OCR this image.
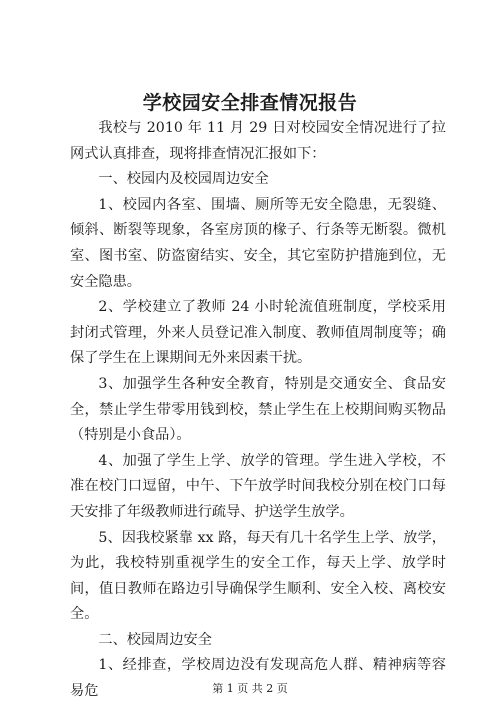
学校园安全排查情况报告

我校与 2010 年 11 月 29 日对校园安全情况进行了拉网式认真排查，现将排查情况汇报如下：

一、校园内及校园周边安全

1、校园内各室、围墙、厕所等无安全隐患，无裂缝、倾斜、断裂等现象，各室房顶的椽子、行条等无断裂。微机室、图书室、防盗窗结实、安全，其它室防护措施到位，无安全隐患。

2、学校建立了教师 24 小时轮流值班制度，学校采用封闭式管理，外来人员登记准入制度、教师值周制度等；确保了学生在上课期间无外来因素干扰。

3、加强学生各种安全教育，特别是交通安全、食品安全，禁止学生带零用钱到校，禁止学生在上校期间购买物品（特别是小食品）。

4、加强了学生上学、放学的管理。学生进入学校，不准在校门口逗留，中午、下午放学时间我校分别在校门口每天安排了年级教师进行疏导、护送学生放学。

5、因我校紧靠 xx 路，每天有几十名学生上学、放学，为此，我校特别重视学生的安全工作，每天上学、放学时间，值日教师在路边引导确保学生顺利、安全入校、离校安全。

二、校园周边安全

1、经排查，学校周边没有发现高危人群、精神病等容易危	第 1 页 共 2 页
